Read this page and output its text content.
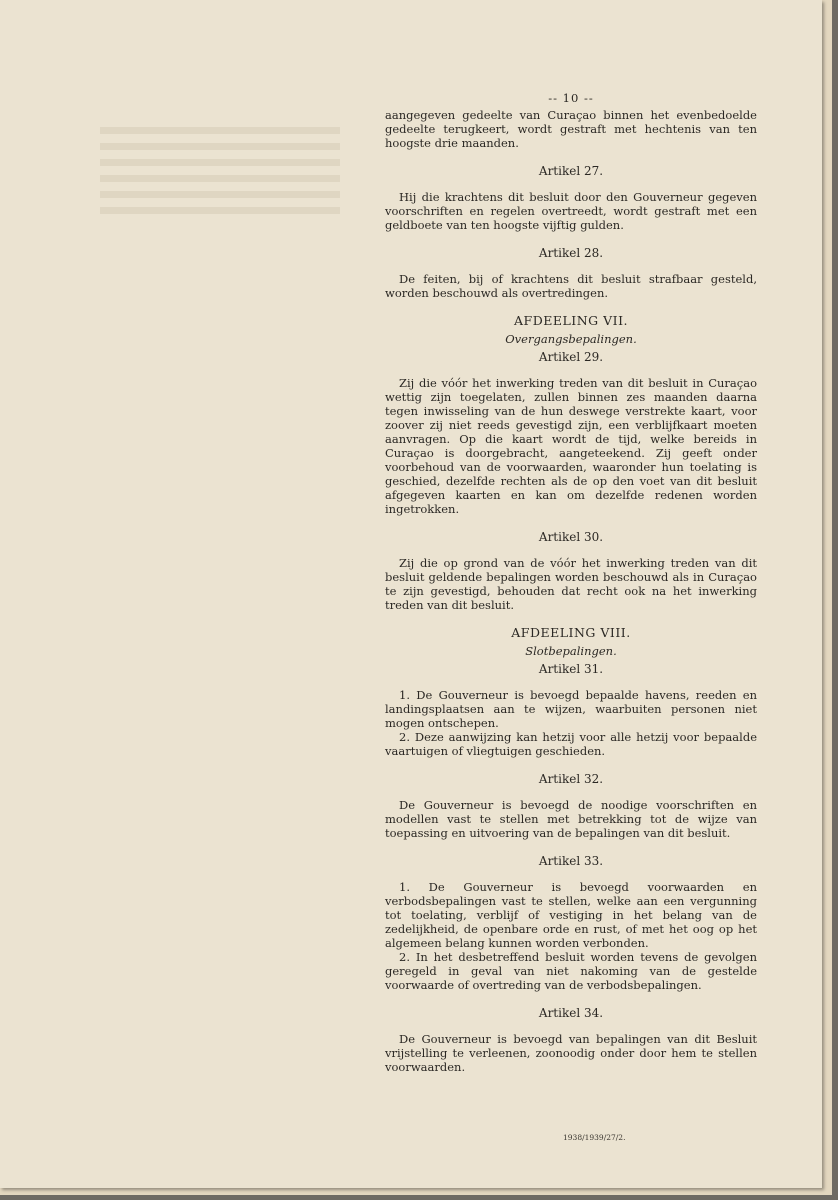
-- 10 --

aangegeven gedeelte van Curaçao binnen het evenbedoelde gedeelte terugkeert, wordt gestraft met hechtenis van ten hoogste drie maanden.

Artikel 27.

Hij die krachtens dit besluit door den Gouverneur gegeven voorschriften en regelen overtreedt, wordt gestraft met een geldboete van ten hoogste vijftig gulden.

Artikel 28.

De feiten, bij of krachtens dit besluit strafbaar gesteld, worden beschouwd als overtredingen.

AFDEELING VII.
Overgangsbepalingen.
Artikel 29.

Zij die vóór het inwerking treden van dit besluit in Curaçao wettig zijn toegelaten, zullen binnen zes maanden daarna tegen inwisseling van de hun deswege verstrekte kaart, voor zoover zij niet reeds gevestigd zijn, een verblijfkaart moeten aanvragen. Op die kaart wordt de tijd, welke bereids in Curaçao is doorgebracht, aangeteekend. Zij geeft onder voorbehoud van de voorwaarden, waaronder hun toelating is geschied, dezelfde rechten als de op den voet van dit besluit afgegeven kaarten en kan om dezelfde redenen worden ingetrokken.

Artikel 30.

Zij die op grond van de vóór het inwerking treden van dit besluit geldende bepalingen worden beschouwd als in Curaçao te zijn gevestigd, behouden dat recht ook na het inwerking treden van dit besluit.

AFDEELING VIII.
Slotbepalingen.
Artikel 31.

1. De Gouverneur is bevoegd bepaalde havens, reeden en landingsplaatsen aan te wijzen, waarbuiten personen niet mogen ontschepen.

2. Deze aanwijzing kan hetzij voor alle hetzij voor bepaalde vaartuigen of vliegtuigen geschieden.

Artikel 32.

De Gouverneur is bevoegd de noodige voorschriften en modellen vast te stellen met betrekking tot de wijze van toepassing en uitvoering van de bepalingen van dit besluit.

Artikel 33.

1. De Gouverneur is bevoegd voorwaarden en verbodsbepalingen vast te stellen, welke aan een vergunning tot toelating, verblijf of vestiging in het belang van de zedelijkheid, de openbare orde en rust, of met het oog op het algemeen belang kunnen worden verbonden.

2. In het desbetreffend besluit worden tevens de gevolgen geregeld in geval van niet nakoming van de gestelde voorwaarde of overtreding van de verbodsbepalingen.

Artikel 34.

De Gouverneur is bevoegd van bepalingen van dit Besluit vrijstelling te verleenen, zoonoodig onder door hem te stellen voorwaarden.

1938/1939/27/2.
